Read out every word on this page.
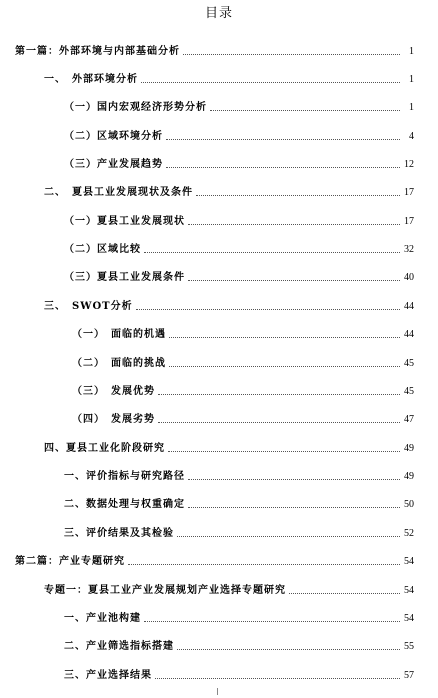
目录
第一篇：外部环境与内部基础分析	1
一、　外部环境分析	1
（一）国内宏观经济形势分析	1
（二）区域环境分析	4
（三）产业发展趋势	12
二、　夏县工业发展现状及条件	17
（一）夏县工业发展现状	17
（二）区域比较	32
（三）夏县工业发展条件	40
三、　SWOT分析	44
（一）　面临的机遇	44
（二）　面临的挑战	45
（三）　发展优势	45
（四）　发展劣势	47
四、夏县工业化阶段研究	49
一、评价指标与研究路径	49
二、数据处理与权重确定	50
三、评价结果及其检验	52
第二篇：产业专题研究	54
专题一：夏县工业产业发展规划产业选择专题研究	54
一、产业池构建	54
二、产业筛选指标搭建	55
三、产业选择结果	57
